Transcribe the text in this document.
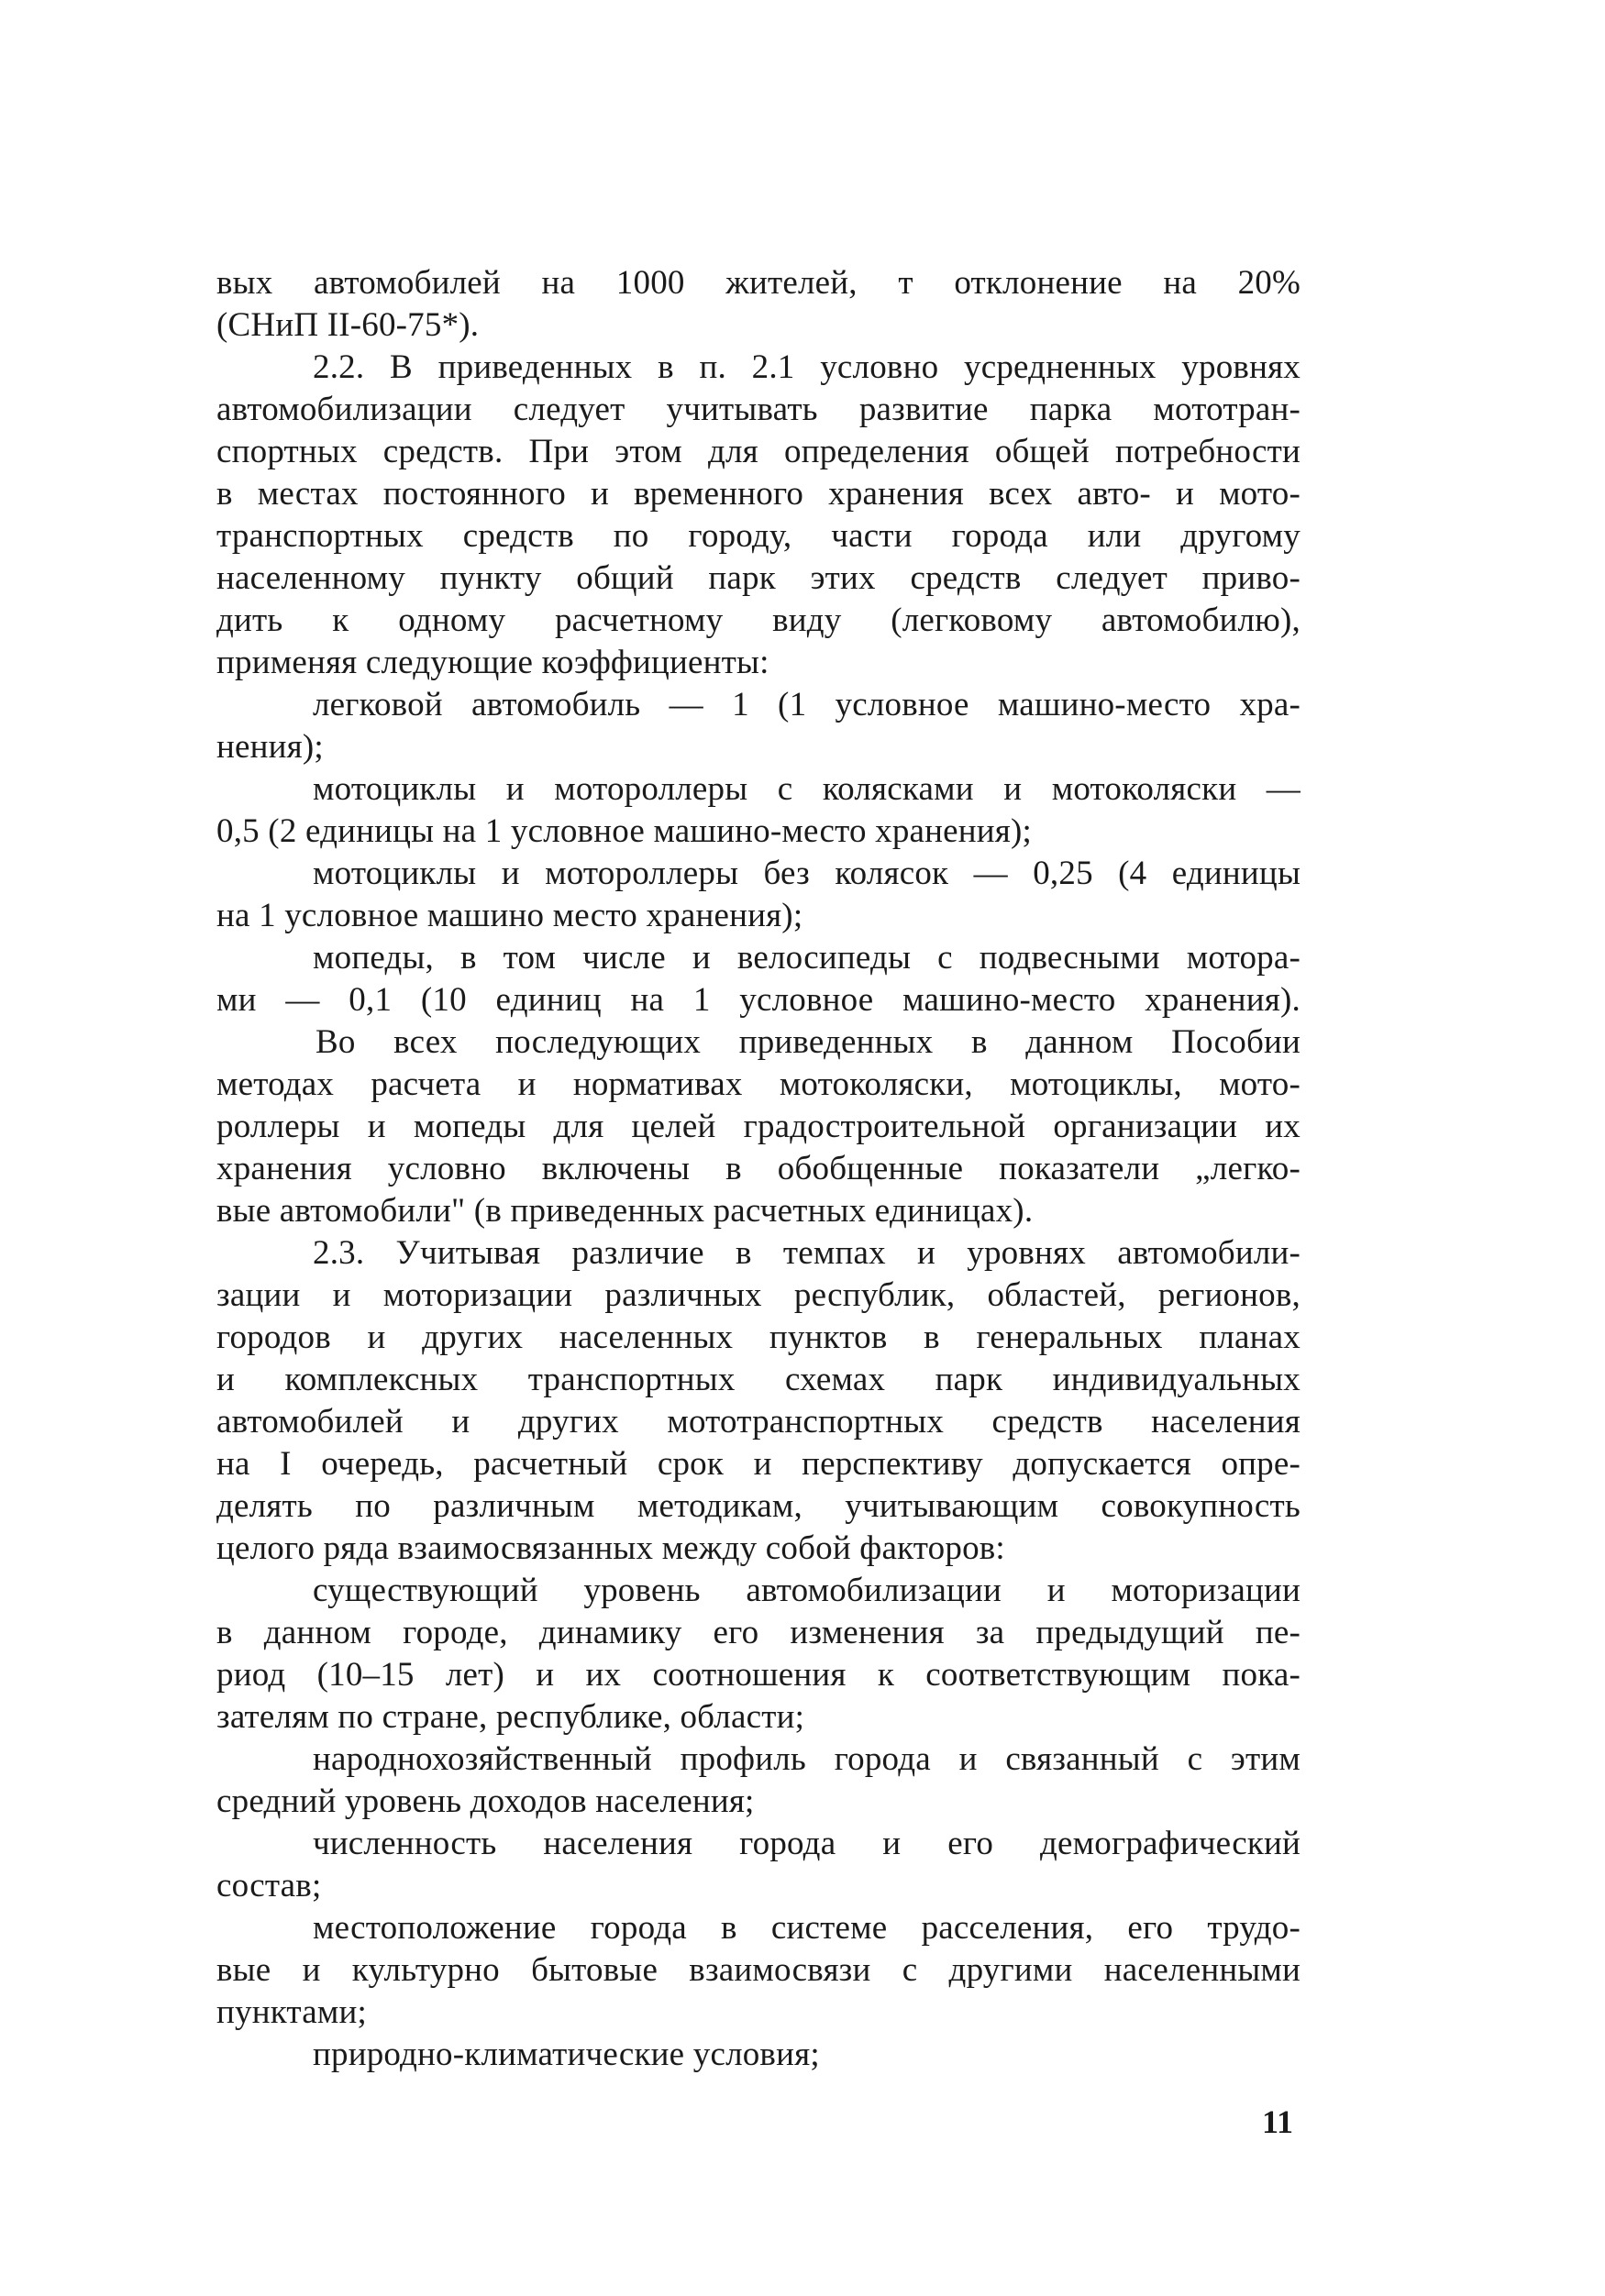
вых автомобилей на 1000 жителей, т отклонение на 20%
(СНиП II-60-75*).
2.2. В приведенных в п. 2.1 условно усредненных уровнях
автомобилизации следует учитывать развитие парка мототран-
спортных средств. При этом для определения общей потребности
в местах постоянного и временного хранения всех авто- и мото-
транспортных средств по городу, части города или другому
населенному пункту общий парк этих средств следует приво-
дить к одному расчетному виду (легковому автомобилю),
применяя следующие коэффициенты:
легковой автомобиль — 1 (1 условное машино-место хра-
нения);
мотоциклы и мотороллеры с колясками и мотоколяски —
0,5 (2 единицы на 1 условное машино-место хранения);
мотоциклы и мотороллеры без колясок — 0,25 (4 единицы
на 1 условное машино место хранения);
мопеды, в том числе и велосипеды с подвесными мотора-
ми — 0,1 (10 единиц на 1 условное машино-место хранения).
Во всех последующих приведенных в данном Пособии
методах расчета и нормативах мотоколяски, мотоциклы, мото-
роллеры и мопеды для целей градостроительной организации их
хранения условно включены в обобщенные показатели „легко-
вые автомобили" (в приведенных расчетных единицах).
2.3. Учитывая различие в темпах и уровнях автомобили-
зации и моторизации различных республик, областей, регионов,
городов и других населенных пунктов в генеральных планах
и комплексных транспортных схемах парк индивидуальных
автомобилей и других мототранспортных средств населения
на I очередь, расчетный срок и перспективу допускается опре-
делять по различным методикам, учитывающим совокупность
целого ряда взаимосвязанных между собой факторов:
существующий уровень автомобилизации и моторизации
в данном городе, динамику его изменения за предыдущий пе-
риод (10–15 лет) и их соотношения к соответствующим пока-
зателям по стране, республике, области;
народнохозяйственный профиль города и связанный с этим
средний уровень доходов населения;
численность населения города и его демографический
состав;
местоположение города в системе расселения, его трудо-
вые и культурно бытовые взаимосвязи с другими населенными
пунктами;
природно-климатические условия;
11
